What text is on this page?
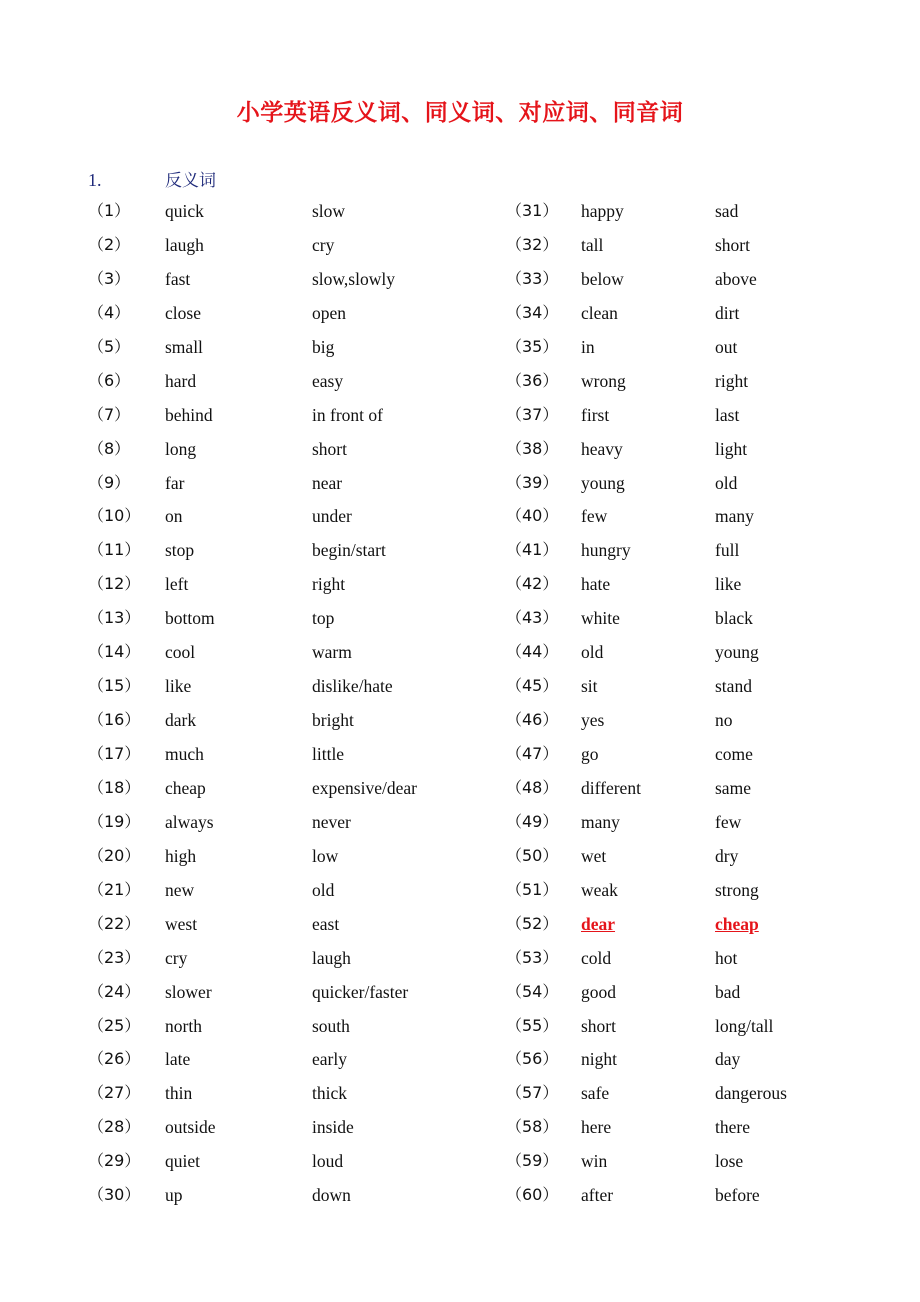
小学英语反义词、同义词、对应词、同音词
1.	反义词
（1） quick	slow
（2） laugh	cry
（3） fast	slow,slowly
（4） close	open
（5） small	big
（6） hard	easy
（7） behind	in front of
（8） long	short
（9） far	near
（10） on	under
（11） stop	begin/start
（12） left	right
（13） bottom	top
（14） cool	warm
（15） like	dislike/hate
（16） dark	bright
（17） much	little
（18） cheap	expensive/dear
（19） always	never
（20） high	low
（21） new	old
（22） west	east
（23） cry	laugh
（24） slower	quicker/faster
（25） north	south
（26） late	early
（27） thin	thick
（28） outside	inside
（29） quiet	loud
（30） up	down
（31） happy	sad
（32） tall	short
（33） below	above
（34） clean	dirt
（35） in	out
（36） wrong	right
（37） first	last
（38） heavy	light
（39） young	old
（40） few	many
（41） hungry	full
（42） hate	like
（43） white	black
（44） old	young
（45） sit	stand
（46） yes	no
（47） go	come
（48） different	same
（49） many	few
（50） wet	dry
（51） weak	strong
（52） dear	cheap
（53） cold	hot
（54） good	bad
（55） short	long/tall
（56） night	day
（57） safe	dangerous
（58） here	there
（59） win	lose
（60） after	before
